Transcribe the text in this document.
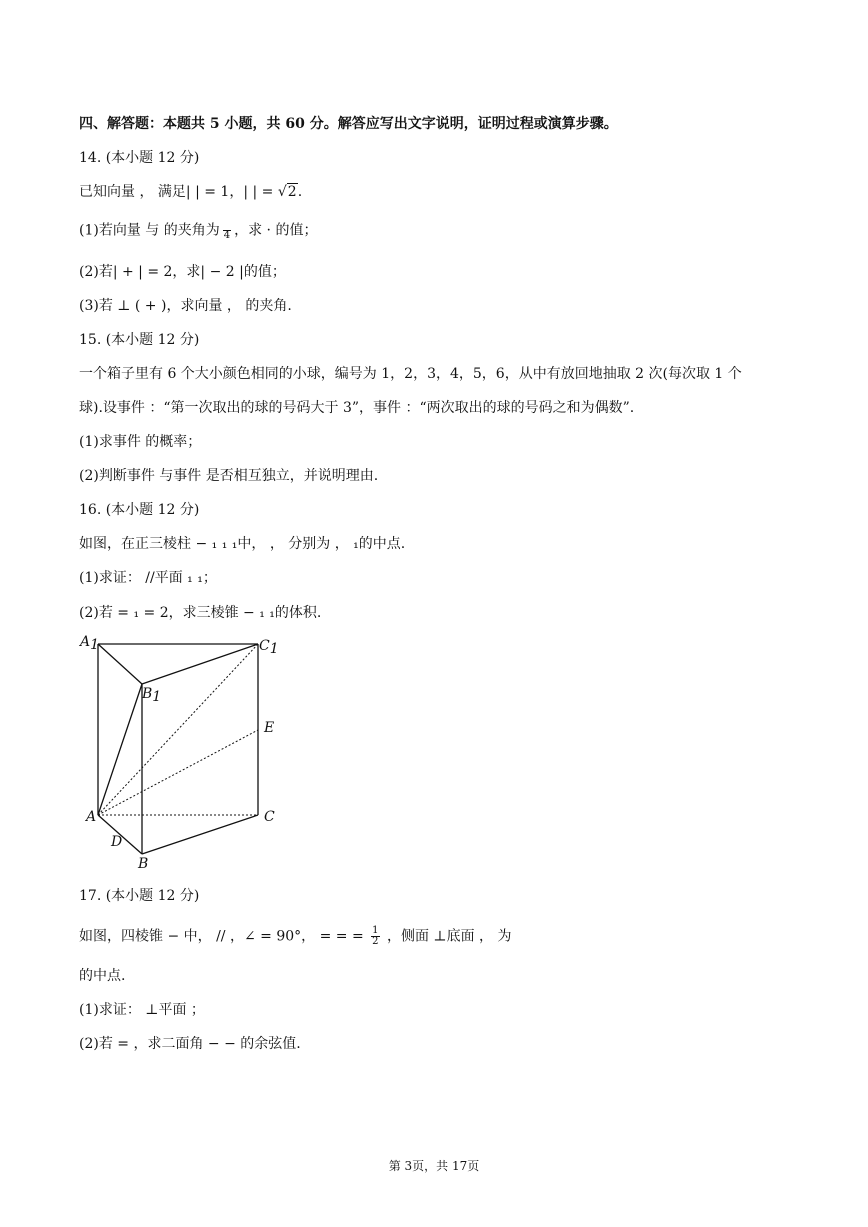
四、解答题：本题共 5 小题，共 60 分。解答应写出文字说明，证明过程或演算步骤。
14. (本小题 12 分)
已知向量 ， 满足| | = 1，| | = √2.
(1)若向量 与 的夹角为
4 ，求 · 的值；
(2)若| + | = 2，求| − 2 |的值；
(3)若 ⊥ ( + )，求向量 ， 的夹角.
15. (本小题 12 分)
一个箱子里有 6 个大小颜色相同的小球，编号为 1，2，3，4，5，6，从中有放回地抽取 2 次(每次取 1 个
球).设事件 ：“第一次取出的球的号码大于 3”，事件 ：“两次取出的球的号码之和为偶数”.
(1)求事件 的概率；
(2)判断事件 与事件 是否相互独立，并说明理由.
16. (本小题 12 分)
如图，在正三棱柱 − ₁ ₁ ₁中， ， 分别为 ， ₁的中点.
(1)求证： //平面 ₁ ₁；
(2)若 = ₁ = 2，求三棱锥 − ₁ ₁的体积.
A1
B1
C1
E
A	C
D
B
17. (本小题 12 分)
如图，四棱锥 − 中， // ，∠ = 90°， = = = $\frac{1}{2}$ ，侧面 ⊥底面 ， 为
的中点.
(1)求证： ⊥平面 ；
(2)若 = ，求二面角 − − 的余弦值.
第 3页，共 17页
